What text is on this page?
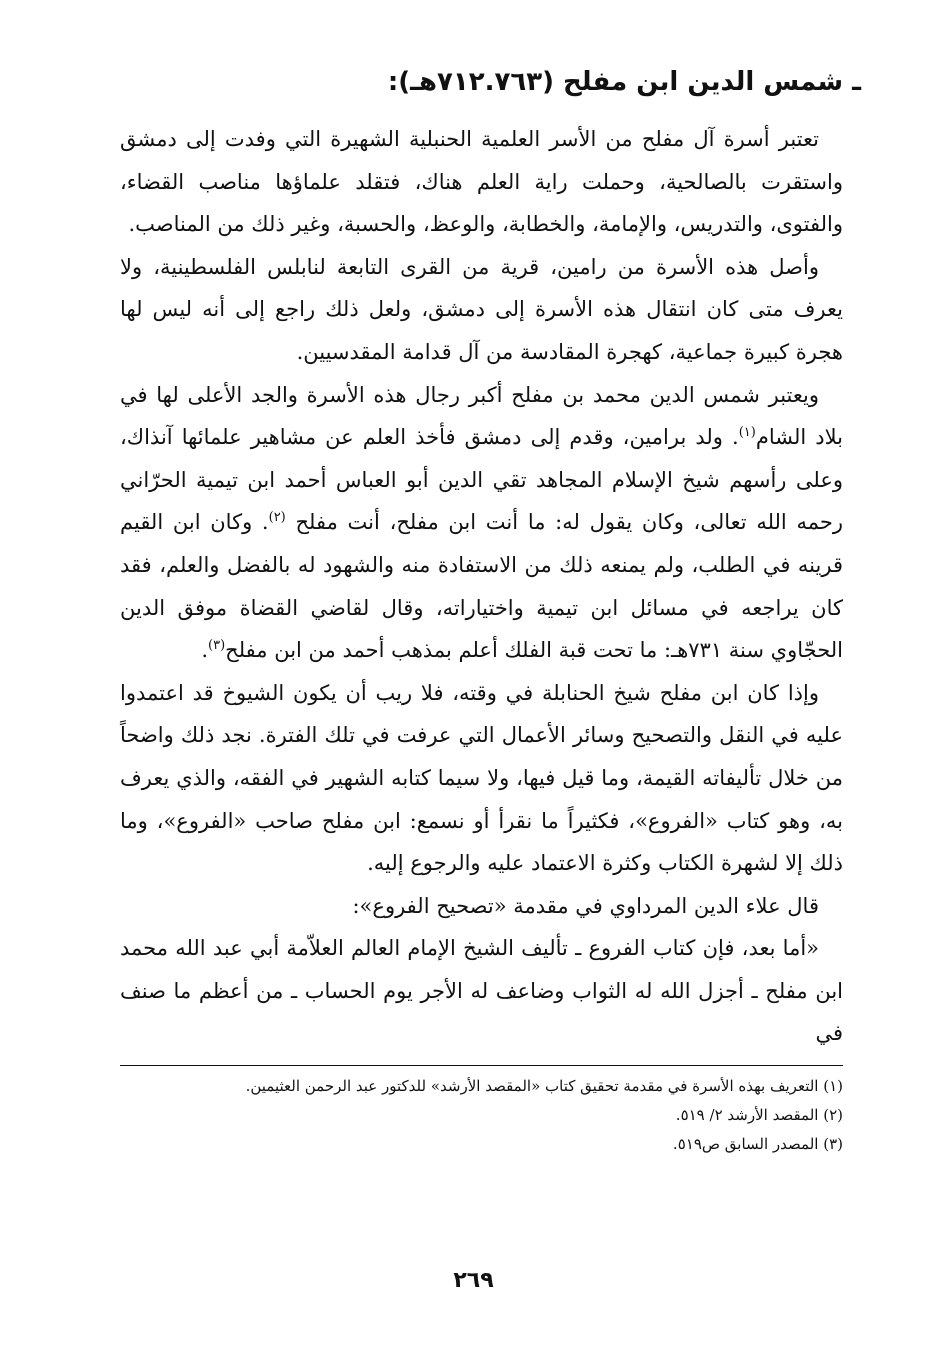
ـ شمس الدين ابن مفلح (٧١٢.٧٦٣هـ):

تعتبر أسرة آل مفلح من الأسر العلمية الحنبلية الشهيرة التي وفدت إلى دمشق واستقرت بالصالحية، وحملت راية العلم هناك، فتقلد علماؤها مناصب القضاء، والفتوى، والتدريس، والإمامة، والخطابة، والوعظ، والحسبة، وغير ذلك من المناصب.

وأصل هذه الأسرة من رامين، قرية من القرى التابعة لنابلس الفلسطينية، ولا يعرف متى كان انتقال هذه الأسرة إلى دمشق، ولعل ذلك راجع إلى أنه ليس لها هجرة كبيرة جماعية، كهجرة المقادسة من آل قدامة المقدسيين.

ويعتبر شمس الدين محمد بن مفلح أكبر رجال هذه الأسرة والجد الأعلى لها في بلاد الشام$^{(١)}$. ولد برامين، وقدم إلى دمشق فأخذ العلم عن مشاهير علمائها آنذاك، وعلى رأسهم شيخ الإسلام المجاهد تقي الدين أبو العباس أحمد ابن تيمية الحرّاني رحمه الله تعالى، وكان يقول له: ما أنت ابن مفلح، أنت مفلح $^{(٢)}$. وكان ابن القيم قرينه في الطلب، ولم يمنعه ذلك من الاستفادة منه والشهود له بالفضل والعلم، فقد كان يراجعه في مسائل ابن تيمية واختياراته، وقال لقاضي القضاة موفق الدين الحجّاوي سنة ٧٣١هـ: ما تحت قبة الفلك أعلم بمذهب أحمد من ابن مفلح$^{(٣)}$.

وإذا كان ابن مفلح شيخ الحنابلة في وقته، فلا ريب أن يكون الشيوخ قد اعتمدوا عليه في النقل والتصحيح وسائر الأعمال التي عرفت في تلك الفترة. نجد ذلك واضحاً من خلال تأليفاته القيمة، وما قيل فيها، ولا سيما كتابه الشهير في الفقه، والذي يعرف به، وهو كتاب «الفروع»، فكثيراً ما نقرأ أو نسمع: ابن مفلح صاحب «الفروع»، وما ذلك إلا لشهرة الكتاب وكثرة الاعتماد عليه والرجوع إليه.

قال علاء الدين المرداوي في مقدمة «تصحيح الفروع»:

«أما بعد، فإن كتاب الفروع ـ تأليف الشيخ الإمام العالم العلاّمة أبي عبد الله محمد ابن مفلح ـ أجزل الله له الثواب وضاعف له الأجر يوم الحساب ـ من أعظم ما صنف في

(١) التعريف بهذه الأسرة في مقدمة تحقيق كتاب «المقصد الأرشد» للدكتور عبد الرحمن العثيمين.
(٢) المقصد الأرشد ٢/ ٥١٩.
(٣) المصدر السابق ص٥١٩.
٢٦٩
